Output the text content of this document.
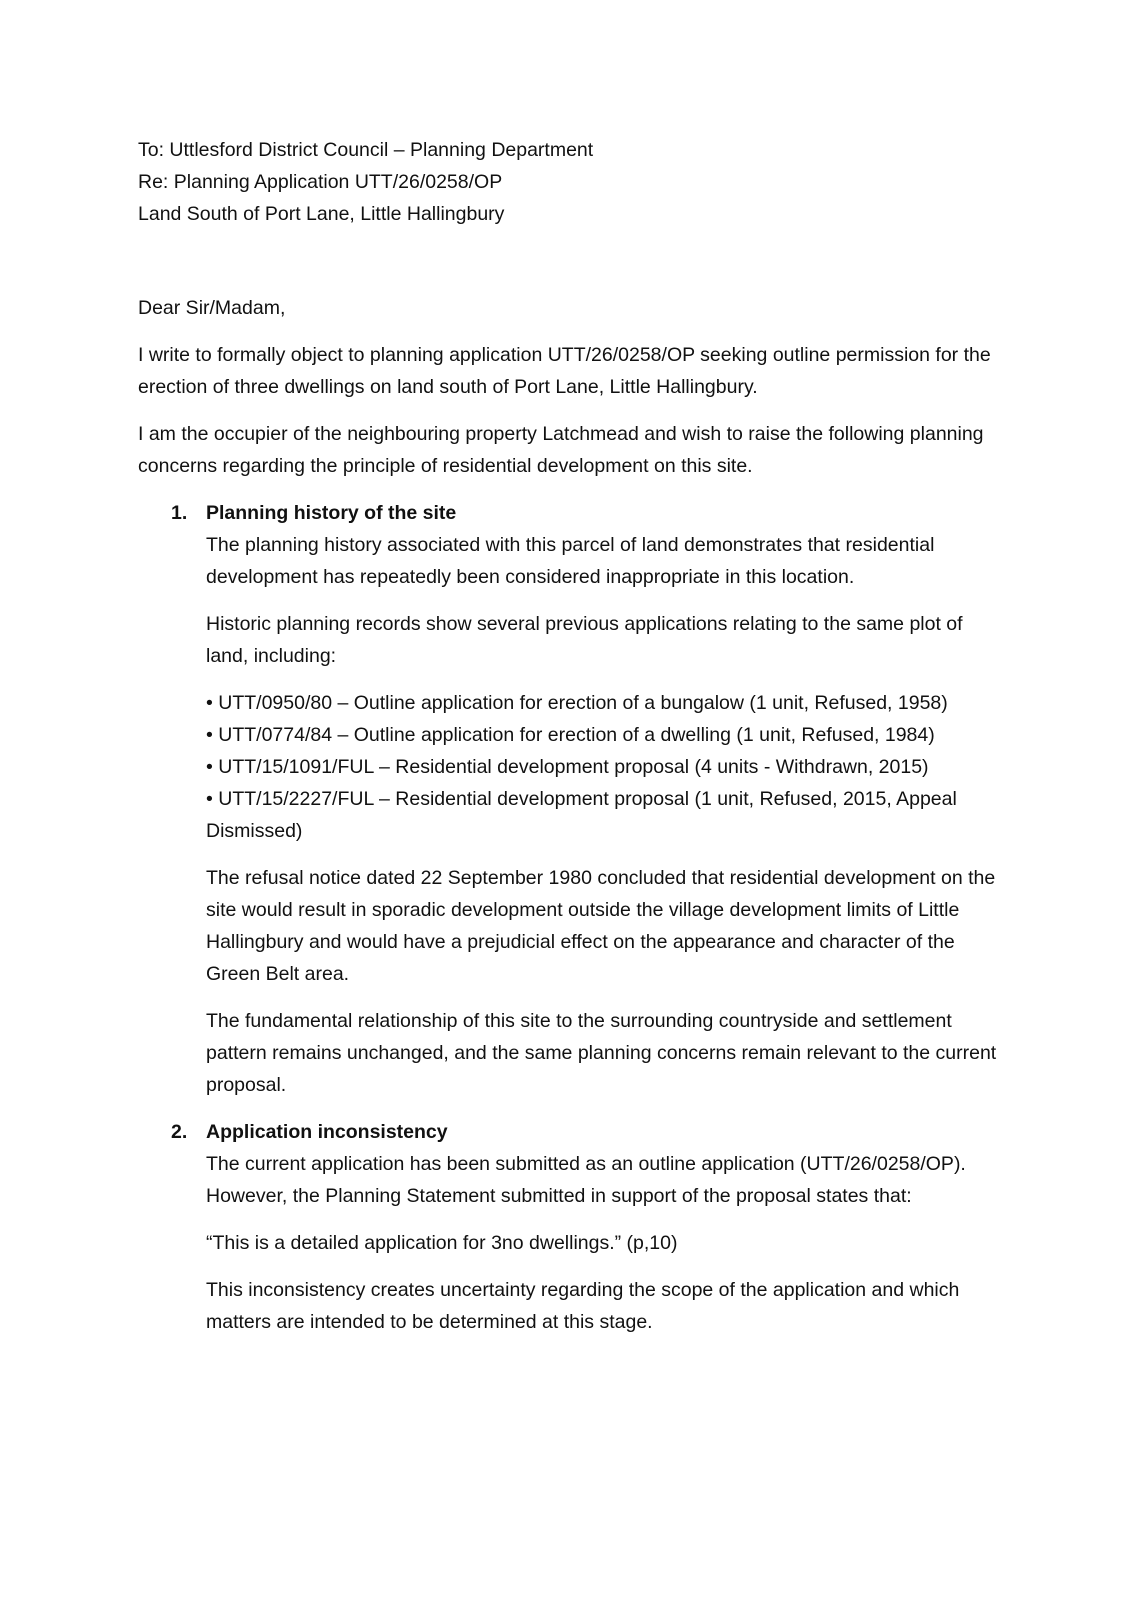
To: Uttlesford District Council – Planning Department
Re: Planning Application UTT/26/0258/OP
Land South of Port Lane, Little Hallingbury

Dear Sir/Madam,

I write to formally object to planning application UTT/26/0258/OP seeking outline permission for the erection of three dwellings on land south of Port Lane, Little Hallingbury.

I am the occupier of the neighbouring property Latchmead and wish to raise the following planning concerns regarding the principle of residential development on this site.

1. Planning history of the site

The planning history associated with this parcel of land demonstrates that residential development has repeatedly been considered inappropriate in this location.

Historic planning records show several previous applications relating to the same plot of land, including:

• UTT/0950/80 – Outline application for erection of a bungalow (1 unit, Refused, 1958)
• UTT/0774/84 – Outline application for erection of a dwelling (1 unit, Refused, 1984)
• UTT/15/1091/FUL – Residential development proposal (4 units - Withdrawn, 2015)
• UTT/15/2227/FUL – Residential development proposal (1 unit, Refused, 2015, Appeal Dismissed)

The refusal notice dated 22 September 1980 concluded that residential development on the site would result in sporadic development outside the village development limits of Little Hallingbury and would have a prejudicial effect on the appearance and character of the Green Belt area.

The fundamental relationship of this site to the surrounding countryside and settlement pattern remains unchanged, and the same planning concerns remain relevant to the current proposal.

2. Application inconsistency

The current application has been submitted as an outline application (UTT/26/0258/OP). However, the Planning Statement submitted in support of the proposal states that:

“This is a detailed application for 3no dwellings.” (p,10)

This inconsistency creates uncertainty regarding the scope of the application and which matters are intended to be determined at this stage.
